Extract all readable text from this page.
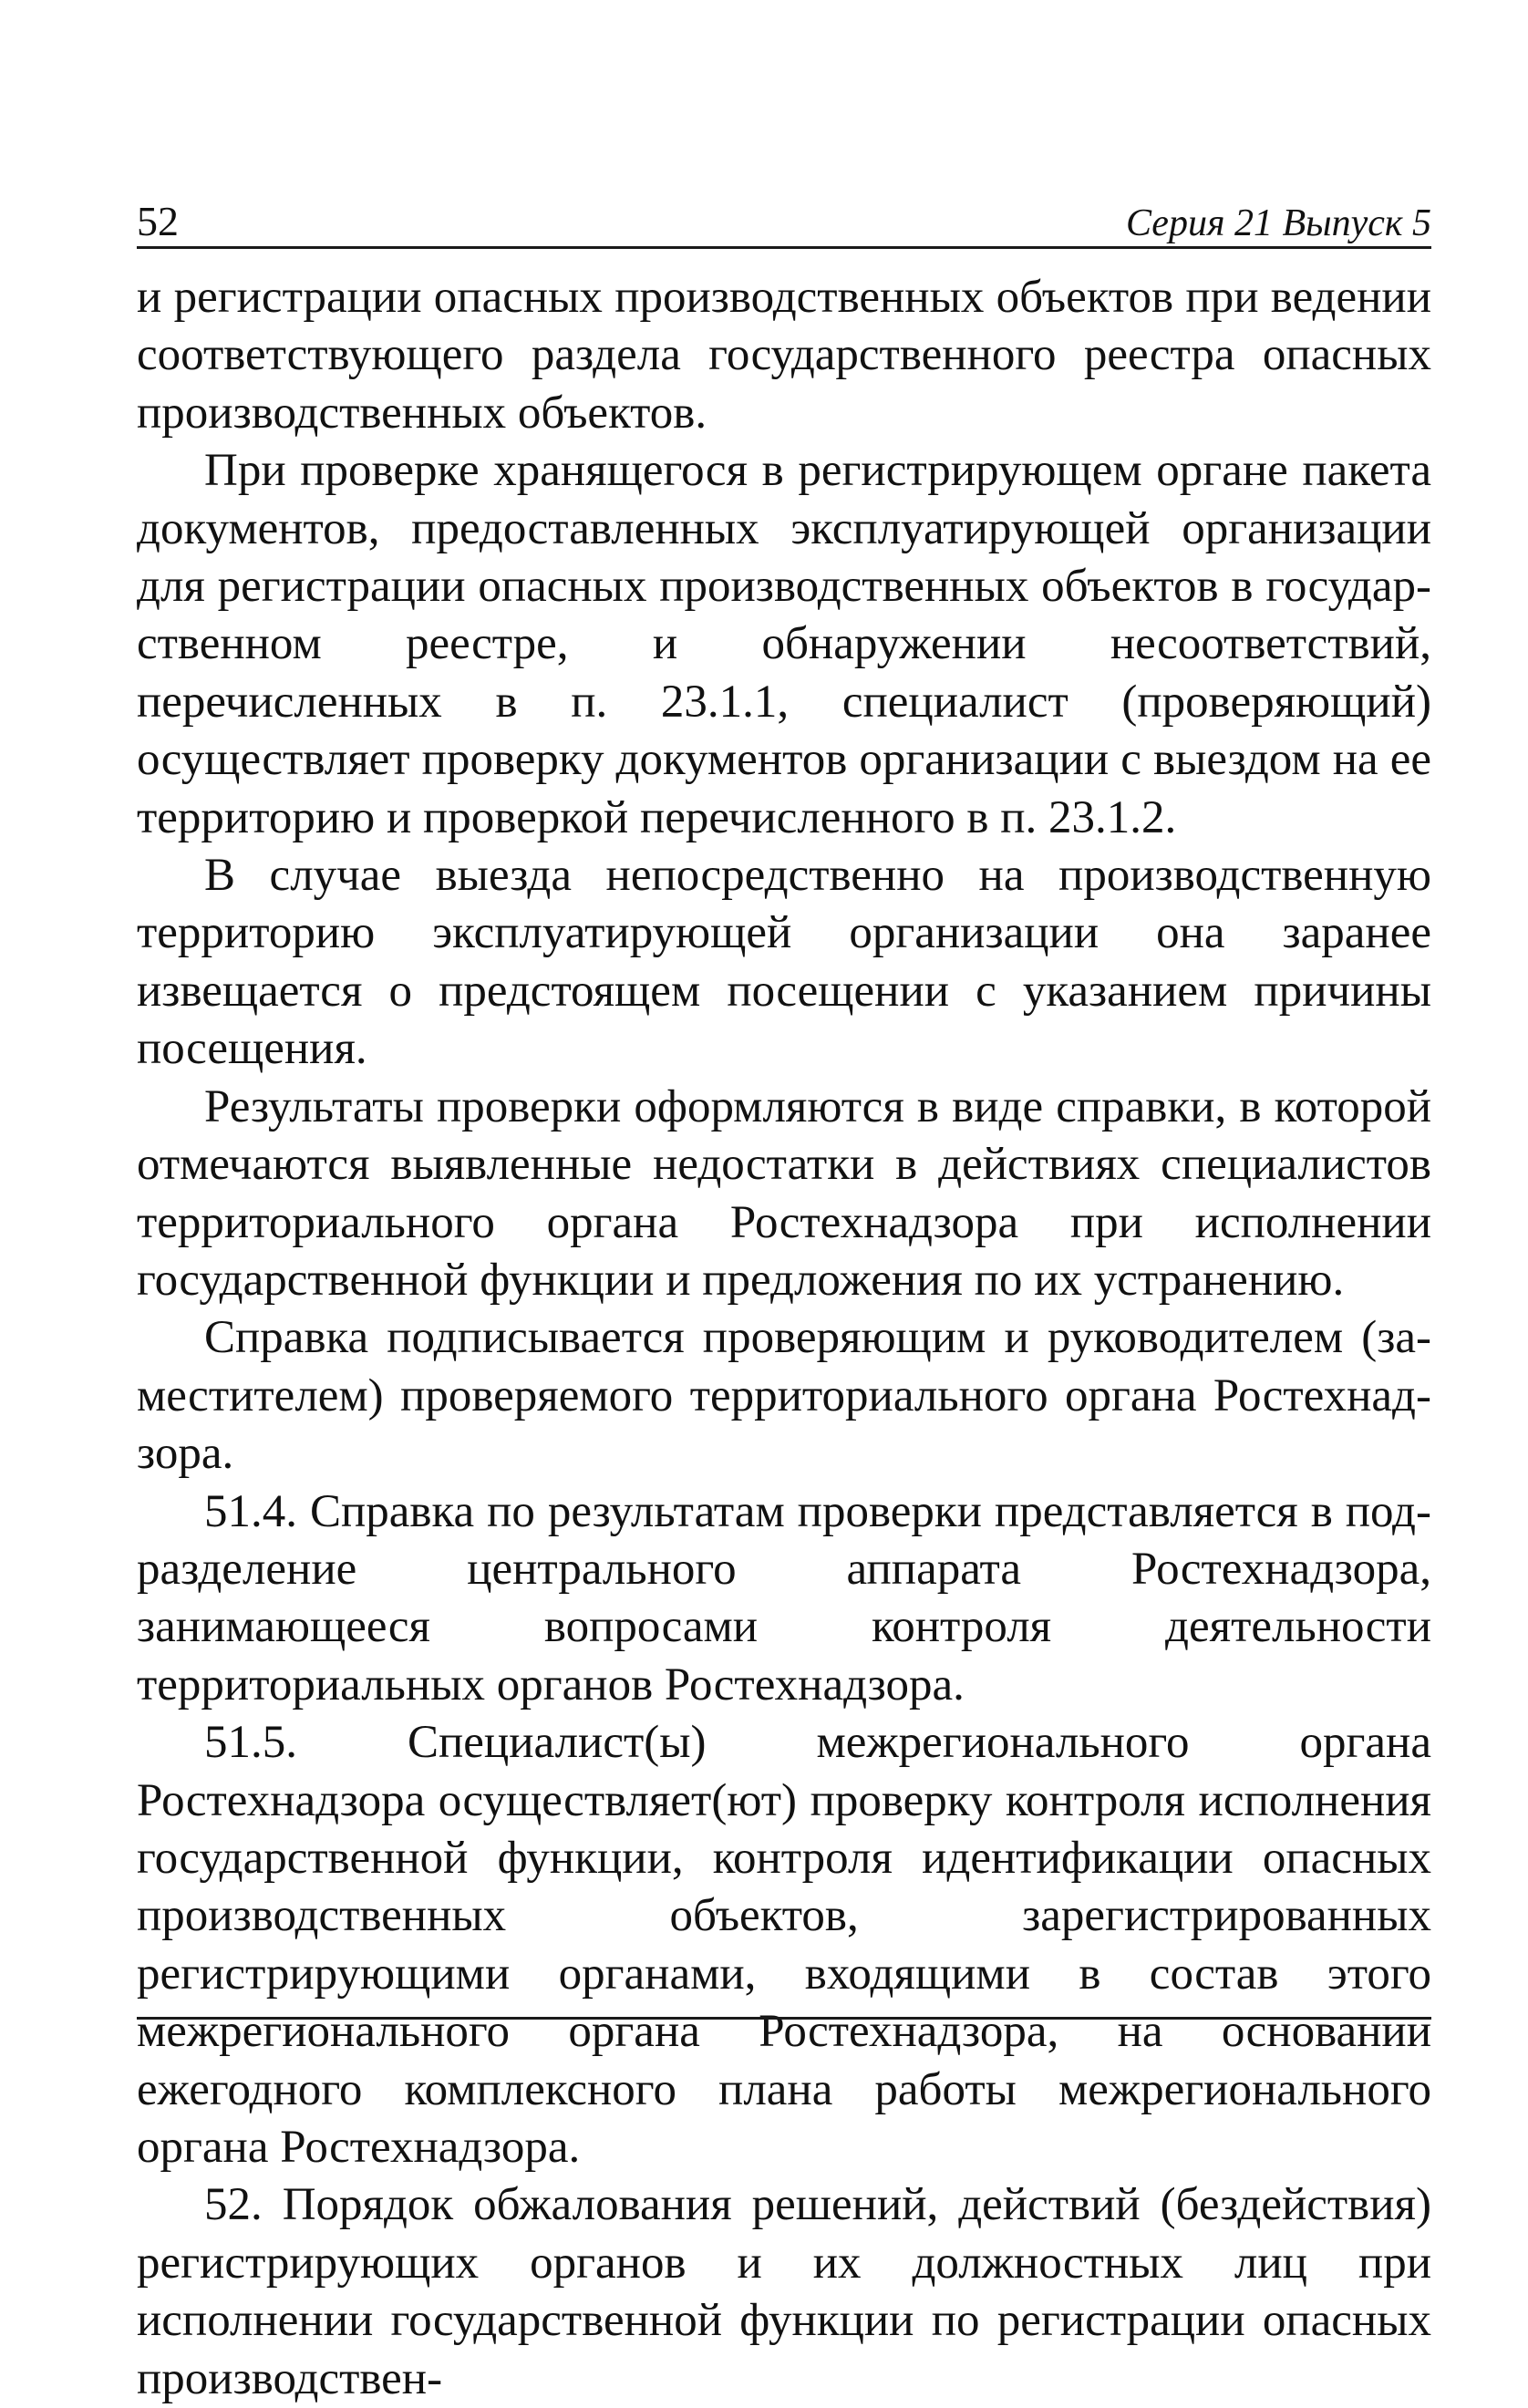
52	Серия 21 Выпуск 5

и регистрации опасных производственных объектов при ведении соответствующего раздела государственного реестра опасных производственных объектов.

При проверке хранящегося в регистрирующем органе пакета документов, предоставленных эксплуатирующей организации для регистрации опасных производственных объектов в государственном реестре, и обнаружении несоответствий, перечисленных в п. 23.1.1, специалист (проверяющий) осуществляет проверку документов организации с выездом на ее территорию и проверкой перечисленного в п. 23.1.2.

В случае выезда непосредственно на производственную территорию эксплуатирующей организации она заранее извещается о предстоящем посещении с указанием причины посещения.

Результаты проверки оформляются в виде справки, в которой отмечаются выявленные недостатки в действиях специалистов территориального органа Ростехнадзора при исполнении государственной функции и предложения по их устранению.

Справка подписывается проверяющим и руководителем (заместителем) проверяемого территориального органа Ростехнадзора.

51.4. Справка по результатам проверки представляется в подразделение центрального аппарата Ростехнадзора, занимающееся вопросами контроля деятельности территориальных органов Ростехнадзора.

51.5. Специалист(ы) межрегионального органа Ростехнадзора осуществляет(ют) проверку контроля исполнения государственной функции, контроля идентификации опасных производственных объектов, зарегистрированных регистрирующими органами, входящими в состав этого межрегионального органа Ростехнадзора, на основании ежегодного комплексного плана работы межрегионального органа Ростехнадзора.

52. Порядок обжалования решений, действий (бездействия) регистрирующих органов и их должностных лиц при исполнении государственной функции по регистрации опасных производствен-
